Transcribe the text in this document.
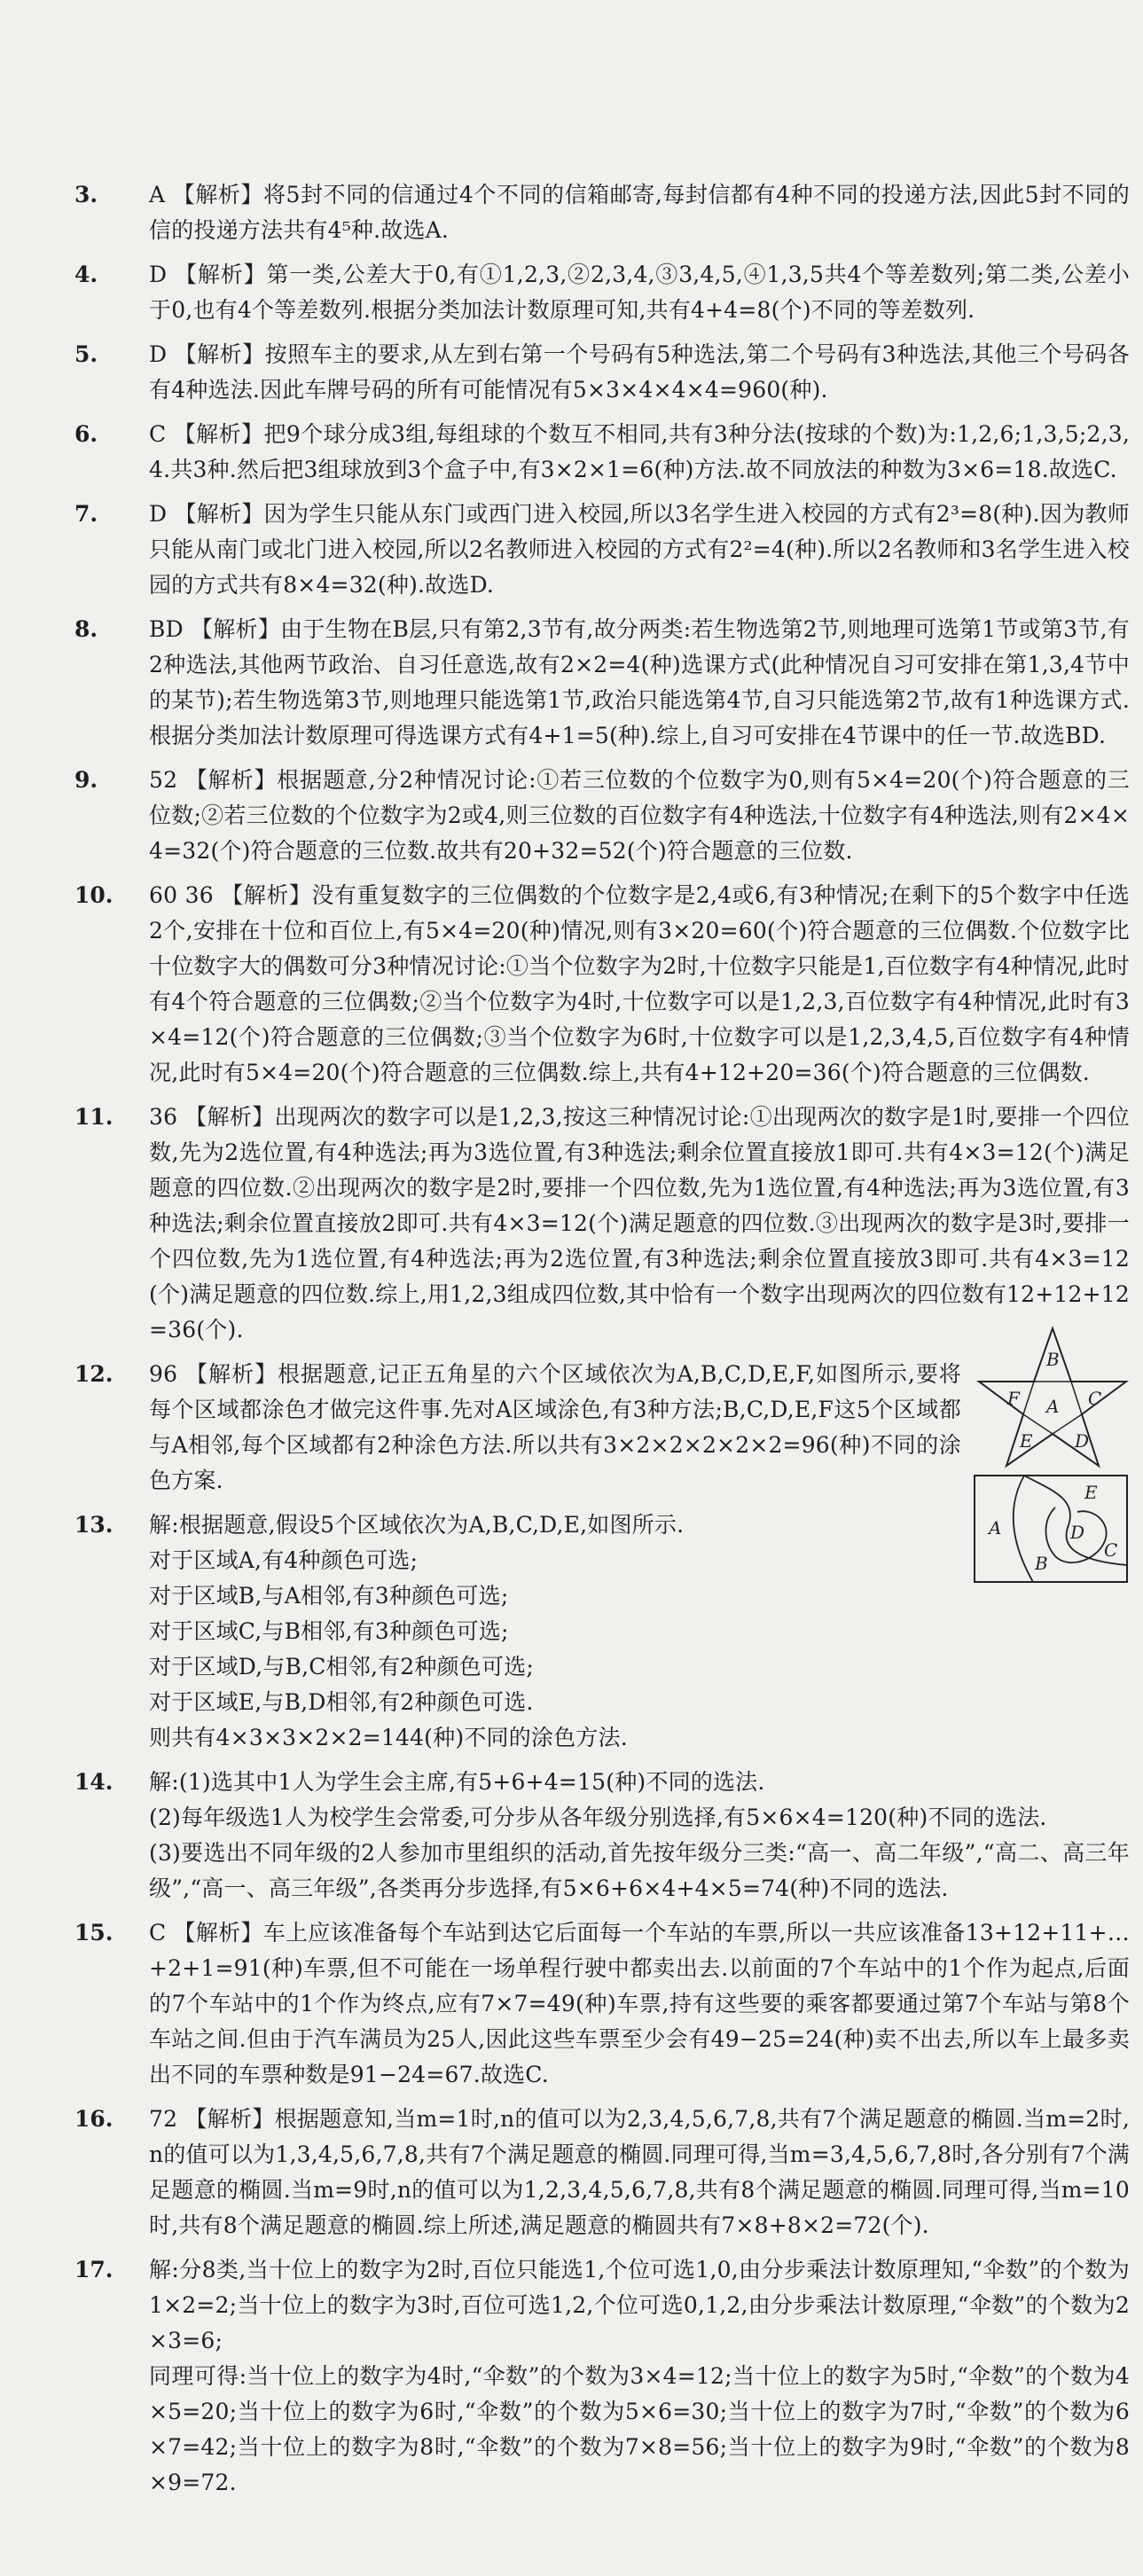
3.	A 【解析】将5封不同的信通过4个不同的信箱邮寄,每封信都有4种不同的投递方法,因此5封不同的信的投递方法共有4⁵种.故选A.

4.	D 【解析】第一类,公差大于0,有①1,2,3,②2,3,4,③3,4,5,④1,3,5共4个等差数列;第二类,公差小于0,也有4个等差数列.根据分类加法计数原理可知,共有4+4=8(个)不同的等差数列.

5.	D 【解析】按照车主的要求,从左到右第一个号码有5种选法,第二个号码有3种选法,其他三个号码各有4种选法.因此车牌号码的所有可能情况有5×3×4×4×4=960(种).

6.	C 【解析】把9个球分成3组,每组球的个数互不相同,共有3种分法(按球的个数)为:1,2,6;1,3,5;2,3,4.共3种.然后把3组球放到3个盒子中,有3×2×1=6(种)方法.故不同放法的种数为3×6=18.故选C.

7.	D 【解析】因为学生只能从东门或西门进入校园,所以3名学生进入校园的方式有2³=8(种).因为教师只能从南门或北门进入校园,所以2名教师进入校园的方式有2²=4(种).所以2名教师和3名学生进入校园的方式共有8×4=32(种).故选D.

8.	BD 【解析】由于生物在B层,只有第2,3节有,故分两类:若生物选第2节,则地理可选第1节或第3节,有2种选法,其他两节政治、自习任意选,故有2×2=4(种)选课方式(此种情况自习可安排在第1,3,4节中的某节);若生物选第3节,则地理只能选第1节,政治只能选第4节,自习只能选第2节,故有1种选课方式.根据分类加法计数原理可得选课方式有4+1=5(种).综上,自习可安排在4节课中的任一节.故选BD.

9.	52 【解析】根据题意,分2种情况讨论:①若三位数的个位数字为0,则有5×4=20(个)符合题意的三位数;②若三位数的个位数字为2或4,则三位数的百位数字有4种选法,十位数字有4种选法,则有2×4×4=32(个)符合题意的三位数.故共有20+32=52(个)符合题意的三位数.

10.	60 36 【解析】没有重复数字的三位偶数的个位数字是2,4或6,有3种情况;在剩下的5个数字中任选2个,安排在十位和百位上,有5×4=20(种)情况,则有3×20=60(个)符合题意的三位偶数.个位数字比十位数字大的偶数可分3种情况讨论:①当个位数字为2时,十位数字只能是1,百位数字有4种情况,此时有4个符合题意的三位偶数;②当个位数字为4时,十位数字可以是1,2,3,百位数字有4种情况,此时有3×4=12(个)符合题意的三位偶数;③当个位数字为6时,十位数字可以是1,2,3,4,5,百位数字有4种情况,此时有5×4=20(个)符合题意的三位偶数.综上,共有4+12+20=36(个)符合题意的三位偶数.

11.	36 【解析】出现两次的数字可以是1,2,3,按这三种情况讨论:①出现两次的数字是1时,要排一个四位数,先为2选位置,有4种选法;再为3选位置,有3种选法;剩余位置直接放1即可.共有4×3=12(个)满足题意的四位数.②出现两次的数字是2时,要排一个四位数,先为1选位置,有4种选法;再为3选位置,有3种选法;剩余位置直接放2即可.共有4×3=12(个)满足题意的四位数.③出现两次的数字是3时,要排一个四位数,先为1选位置,有4种选法;再为2选位置,有3种选法;剩余位置直接放3即可.共有4×3=12(个)满足题意的四位数.综上,用1,2,3组成四位数,其中恰有一个数字出现两次的四位数有12+12+12=36(个).

12.	96 【解析】根据题意,记正五角星的六个区域依次为A,B,C,D,E,F,如图所示,要将每个区域都涂色才做完这件事.先对A区域涂色,有3种方法;B,C,D,E,F这5个区域都与A相邻,每个区域都有2种涂色方法.所以共有3×2×2×2×2×2=96(种)不同的涂色方案.

13.	解:根据题意,假设5个区域依次为A,B,C,D,E,如图所示.

对于区域A,有4种颜色可选;

对于区域B,与A相邻,有3种颜色可选;

对于区域C,与B相邻,有3种颜色可选;

对于区域D,与B,C相邻,有2种颜色可选;

对于区域E,与B,D相邻,有2种颜色可选.

则共有4×3×3×2×2=144(种)不同的涂色方法.

14.	解:(1)选其中1人为学生会主席,有5+6+4=15(种)不同的选法.

(2)每年级选1人为校学生会常委,可分步从各年级分别选择,有5×6×4=120(种)不同的选法.

(3)要选出不同年级的2人参加市里组织的活动,首先按年级分三类:“高一、高二年级”,“高二、高三年级”,“高一、高三年级”,各类再分步选择,有5×6+6×4+4×5=74(种)不同的选法.

15.	C 【解析】车上应该准备每个车站到达它后面每一个车站的车票,所以一共应该准备13+12+11+…+2+1=91(种)车票,但不可能在一场单程行驶中都卖出去.以前面的7个车站中的1个作为起点,后面的7个车站中的1个作为终点,应有7×7=49(种)车票,持有这些要的乘客都要通过第7个车站与第8个车站之间.但由于汽车满员为25人,因此这些车票至少会有49−25=24(种)卖不出去,所以车上最多卖出不同的车票种数是91−24=67.故选C.

16.	72 【解析】根据题意知,当m=1时,n的值可以为2,3,4,5,6,7,8,共有7个满足题意的椭圆.当m=2时,n的值可以为1,3,4,5,6,7,8,共有7个满足题意的椭圆.同理可得,当m=3,4,5,6,7,8时,各分别有7个满足题意的椭圆.当m=9时,n的值可以为1,2,3,4,5,6,7,8,共有8个满足题意的椭圆.同理可得,当m=10时,共有8个满足题意的椭圆.综上所述,满足题意的椭圆共有7×8+8×2=72(个).

17.	解:分8类,当十位上的数字为2时,百位只能选1,个位可选1,0,由分步乘法计数原理知,“伞数”的个数为1×2=2;当十位上的数字为3时,百位可选1,2,个位可选0,1,2,由分步乘法计数原理,“伞数”的个数为2×3=6;

同理可得:当十位上的数字为4时,“伞数”的个数为3×4=12;当十位上的数字为5时,“伞数”的个数为4×5=20;当十位上的数字为6时,“伞数”的个数为5×6=30;当十位上的数字为7时,“伞数”的个数为6×7=42;当十位上的数字为8时,“伞数”的个数为7×8=56;当十位上的数字为9时,“伞数”的个数为8×9=72.

F A
E D
B
C
A
B
E
D
C
